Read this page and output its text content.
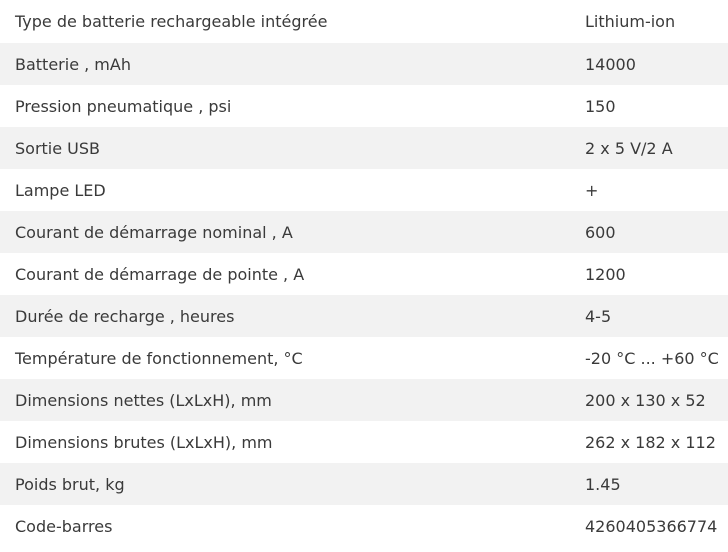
Type de batterie rechargeable intégrée	Lithium-ion
Batterie , mAh	14000
Pression pneumatique , psi	150
Sortie USB	2 x 5 V/2 A
Lampe LED	+
Courant de démarrage nominal , A	600
Courant de démarrage de pointe , A	1200
Durée de recharge , heures	4-5
Température de fonctionnement, °C	-20 °C ... +60 °C
Dimensions nettes (LxLxH), mm	200 x 130 x 52
Dimensions brutes (LxLxH), mm	262 x 182 x 112
Poids brut, kg	1.45
Code-barres	4260405366774
